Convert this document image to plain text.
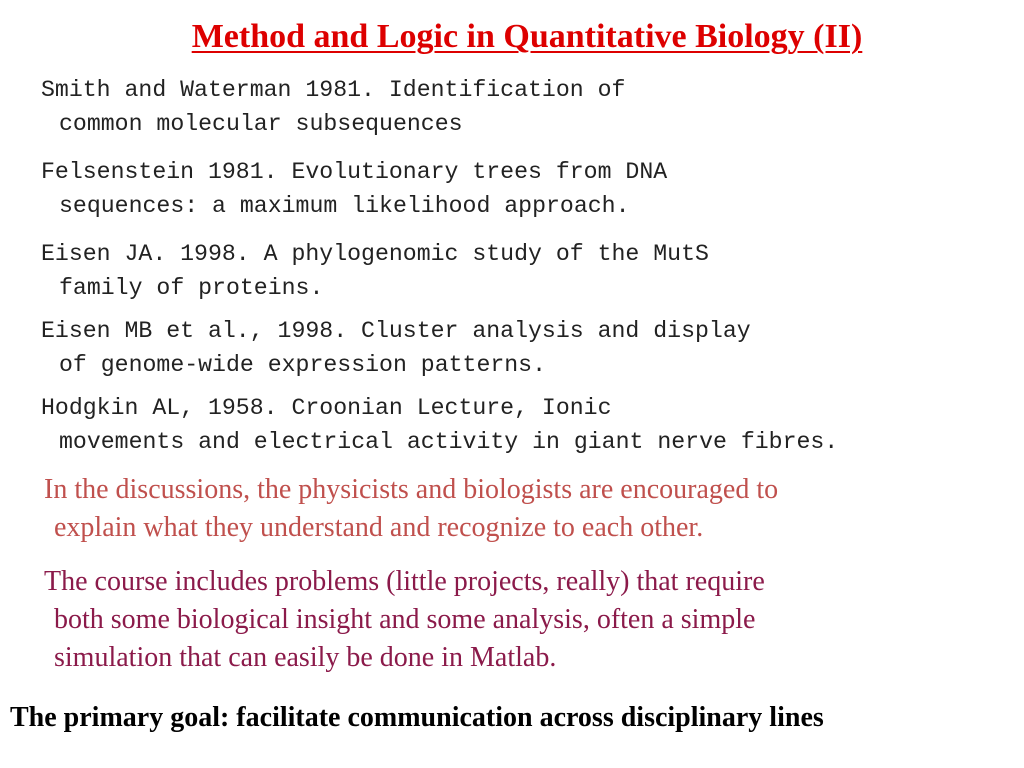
Method and Logic in Quantitative Biology (II)
Smith and Waterman 1981. Identification of
common molecular subsequences
Felsenstein 1981. Evolutionary trees from DNA
sequences: a maximum likelihood approach.
Eisen JA. 1998. A phylogenomic study of the MutS
family of proteins.
Eisen MB et al., 1998. Cluster analysis and display
of genome-wide expression patterns.
Hodgkin AL, 1958. Croonian Lecture, Ionic
movements and electrical activity in giant nerve fibres.
In the discussions, the physicists and biologists are encouraged to
explain what they understand and recognize to each other.
The course includes problems (little projects, really) that require
both some biological insight and some analysis, often a simple
simulation that can easily be done in Matlab.

The primary goal: facilitate communication across disciplinary lines
